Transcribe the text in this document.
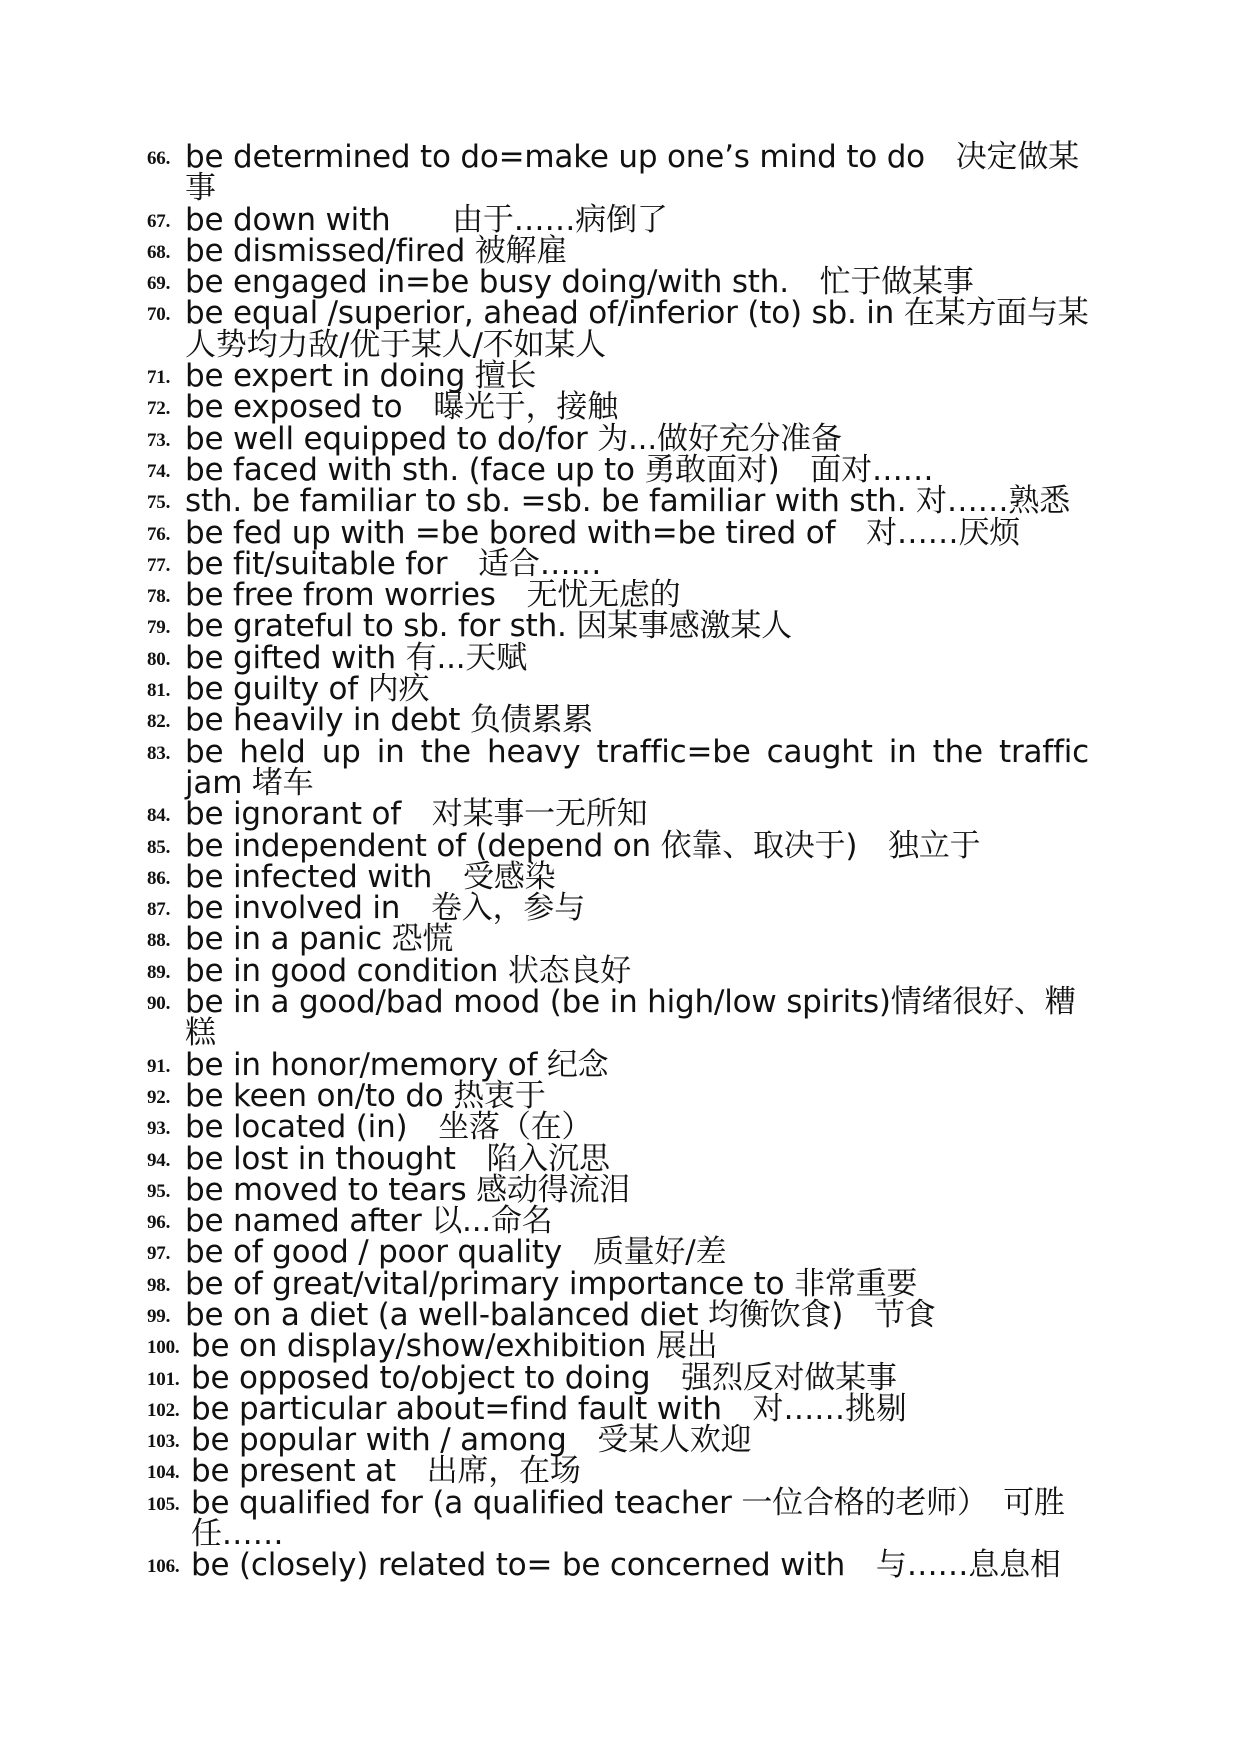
66. be determined to do=make up one’s mind to do　决定做某事
67. be down with　　由于……病倒了
68. be dismissed/fired 被解雇
69. be engaged in=be busy doing/with sth.　忙于做某事
70. be equal /superior, ahead of/inferior (to) sb. in 在某方面与某人势均力敌/优于某人/不如某人
71. be expert in doing 擅长
72. be exposed to　曝光于，接触
73. be well equipped to do/for 为...做好充分准备
74. be faced with sth. (face up to 勇敢面对)　面对……
75. sth. be familiar to sb. =sb. be familiar with sth. 对……熟悉
76. be fed up with =be bored with=be tired of　对……厌烦
77. be fit/suitable for　适合……
78. be free from worries　无忧无虑的
79. be grateful to sb. for sth. 因某事感激某人
80. be gifted with 有...天赋
81. be guilty of 内疚
82. be heavily in debt 负债累累
83. be held up in the heavy traffic=be caught in the traffic jam 堵车
84. be ignorant of　对某事一无所知
85. be independent of (depend on 依靠、取决于)　独立于
86. be infected with　受感染
87. be involved in　卷入，参与
88. be in a panic 恐慌
89. be in good condition 状态良好
90. be in a good/bad mood (be in high/low spirits)情绪很好、糟糕
91. be in honor/memory of 纪念
92. be keen on/to do 热衷于
93. be located (in)　坐落（在）
94. be lost in thought　陷入沉思
95. be moved to tears 感动得流泪
96. be named after 以...命名
97. be of good / poor quality　质量好/差
98. be of great/vital/primary importance to 非常重要
99. be on a diet (a well-balanced diet 均衡饮食)　节食
100. be on display/show/exhibition 展出
101. be opposed to/object to doing　强烈反对做某事
102. be particular about=find fault with　对……挑剔
103. be popular with / among　受某人欢迎
104. be present at　出席，在场
105. be qualified for (a qualified teacher 一位合格的老师）　可胜任……
106. be (closely) related to= be concerned with　与……息息相
